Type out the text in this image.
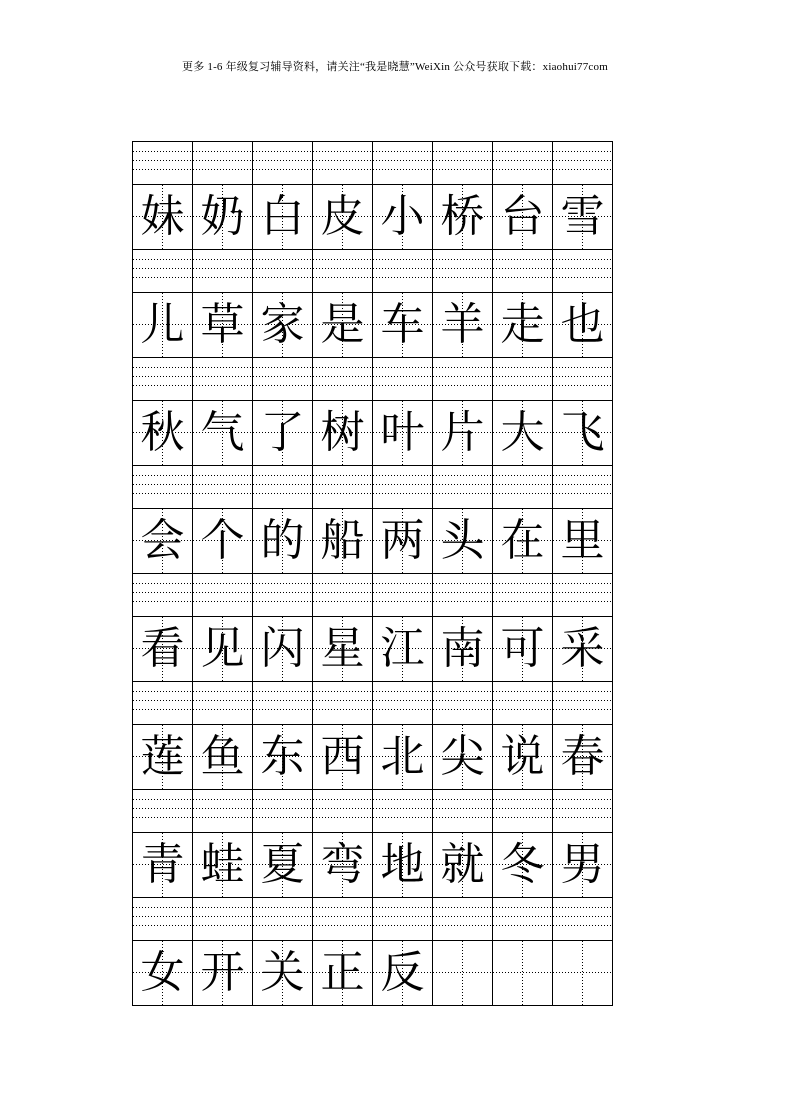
更多 1-6 年级复习辅导资料，请关注“我是晓慧”WeiXin 公众号获取下载：xiaohui77com
妹 奶 白 皮 小 桥 台 雪
儿 草 家 是 车 羊 走 也
秋 气 了 树 叶 片 大 飞
会 个 的 船 两 头 在 里
看 见 闪 星 江 南 可 采
莲 鱼 东 西 北 尖 说 春
青 蛙 夏 弯 地 就 冬 男
女 开 关 正 反
